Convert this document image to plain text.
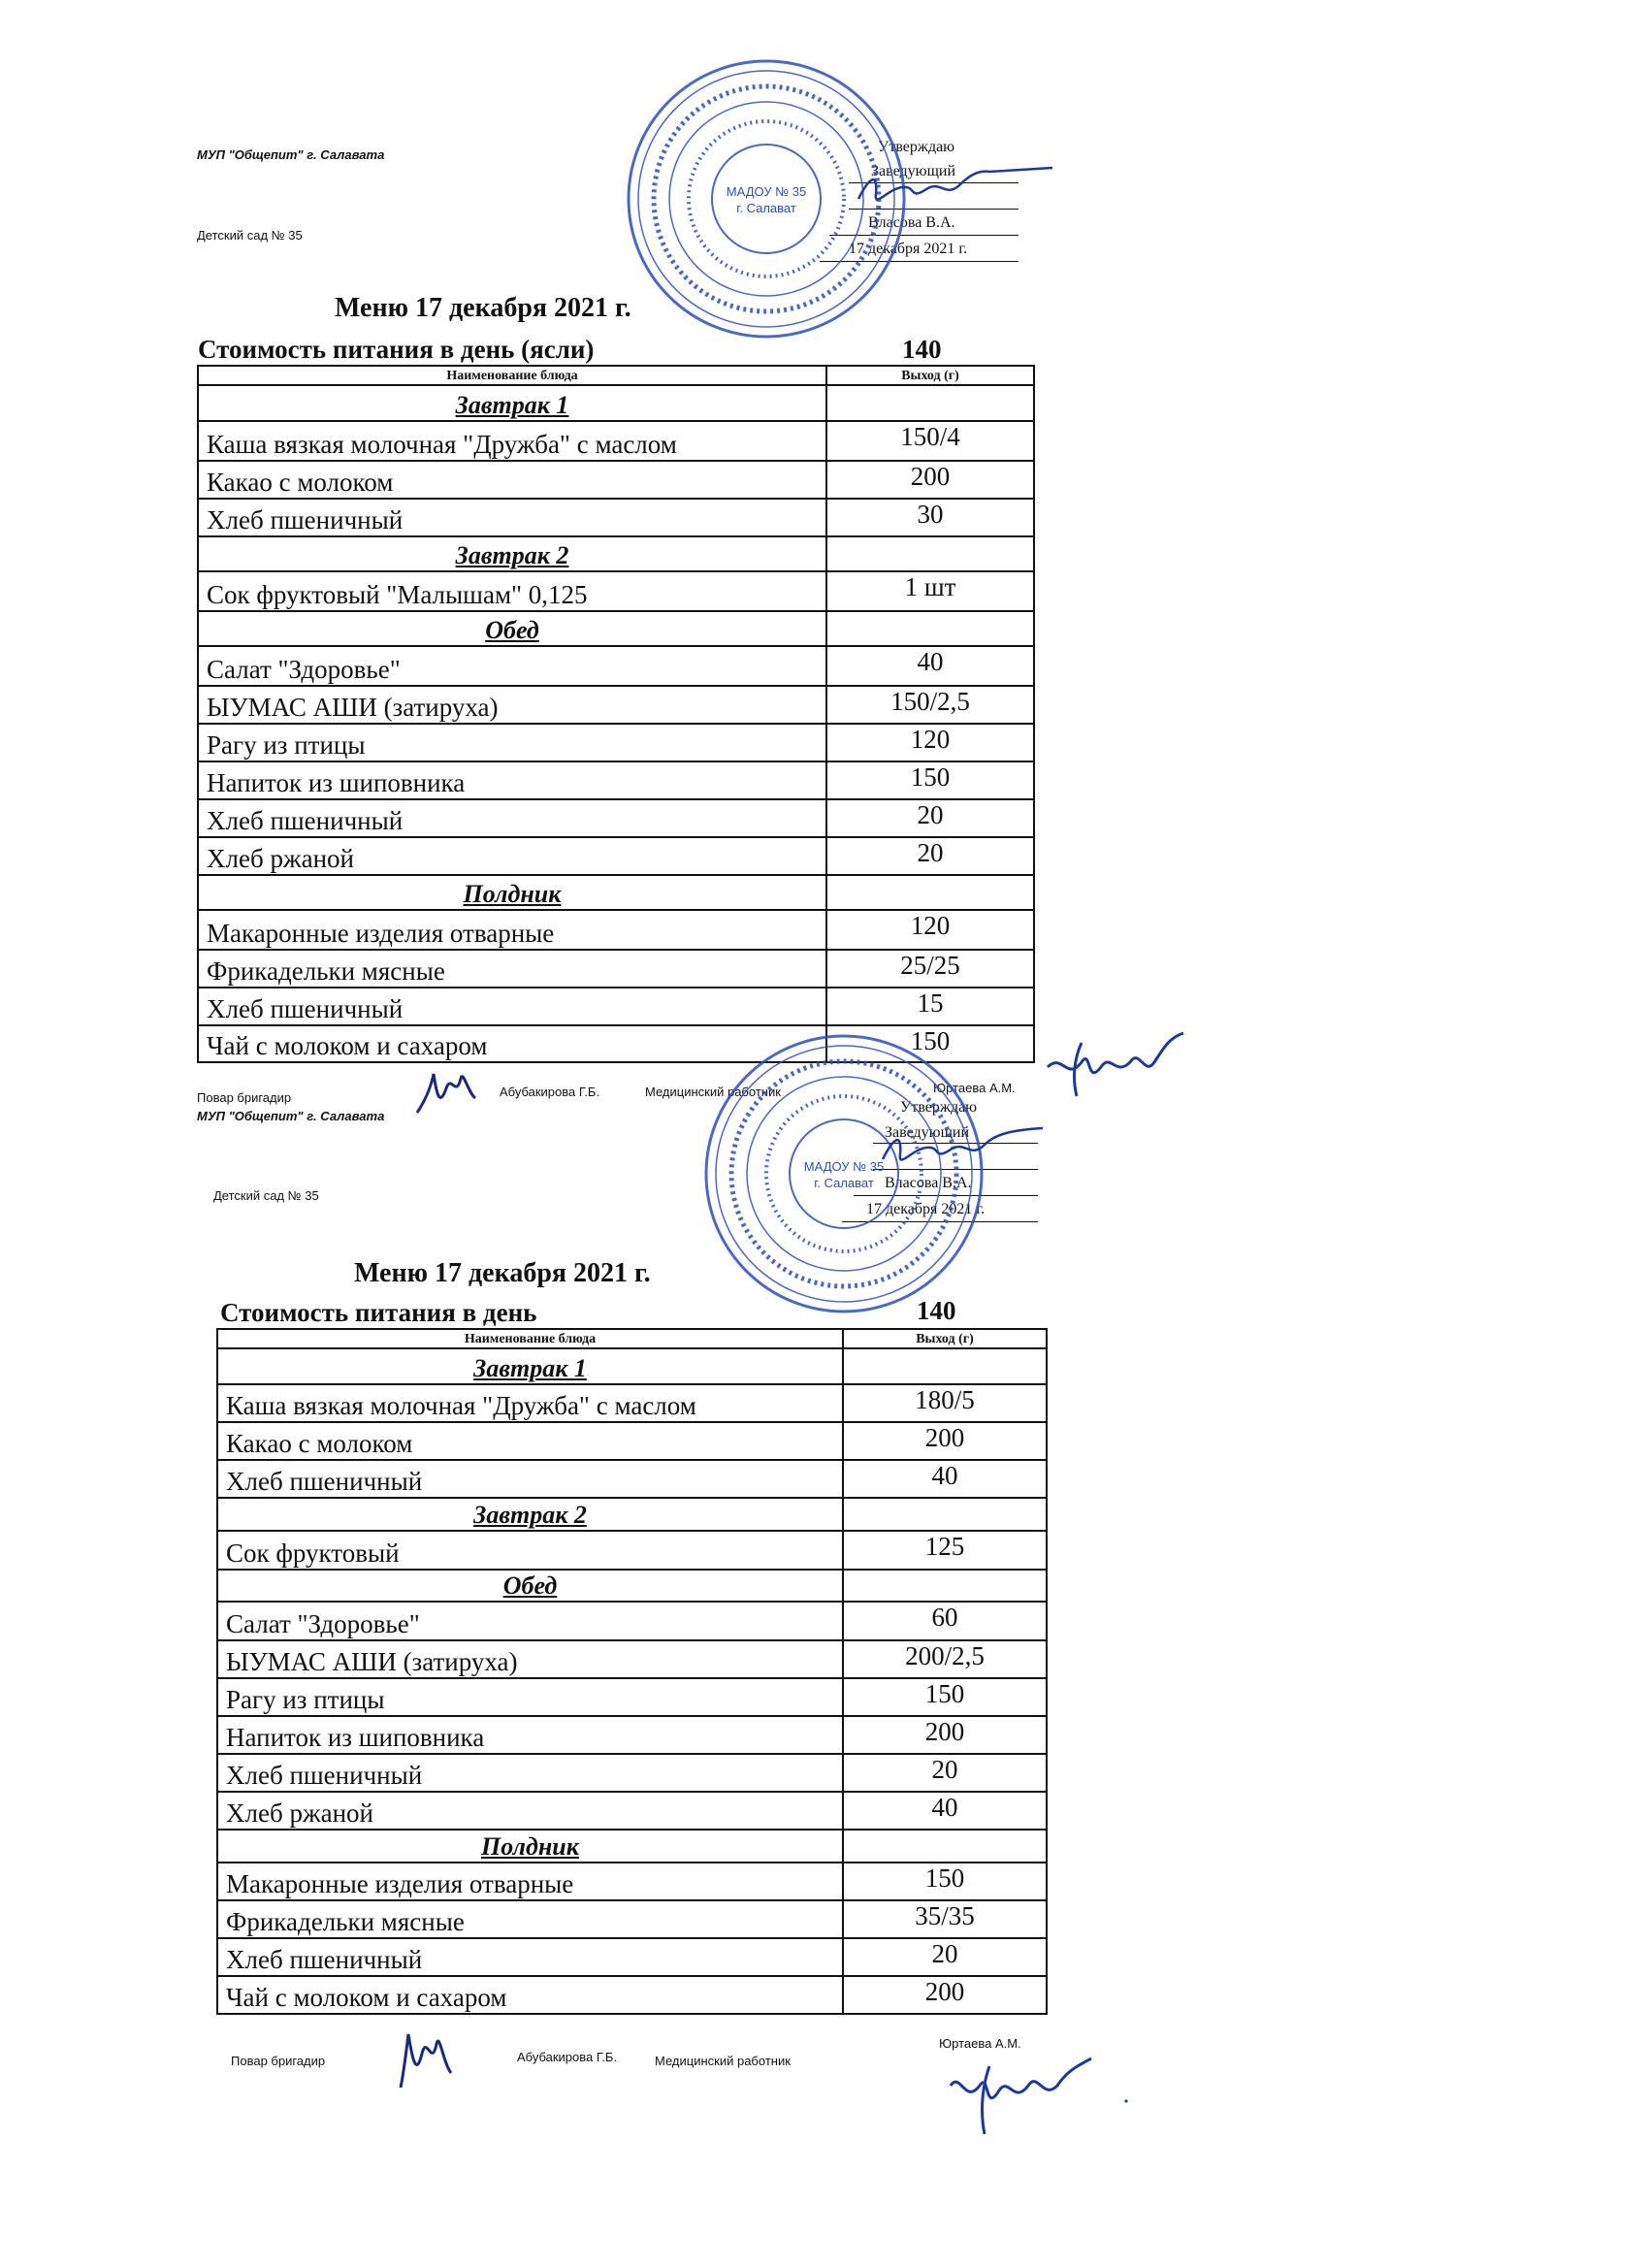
МУП "Общепит" г. Салавата
Детский сад № 35
Утверждаю
Заведующий
Власова В.А.
17 декабря 2021 г.
Меню 17 декабря 2021 г.
Стоимость питания в день (ясли)	140
Наименование блюда	Выход (г)
Завтрак 1	
Каша вязкая молочная "Дружба" с маслом	150/4
Какао с молоком	200
Хлеб пшеничный	30
Завтрак 2	
Сок фруктовый "Малышам" 0,125	1 шт
Обед	
Салат "Здоровье"	40
ЫУМАС АШИ (затируха)	150/2,5
Рагу из птицы	120
Напиток из шиповника	150
Хлеб пшеничный	20
Хлеб ржаной	20
Полдник	
Макаронные изделия отварные	120
Фрикадельки мясные	25/25
Хлеб пшеничный	15
Чай с молоком и сахаром	150
Повар бригадир
МУП "Общепит" г. Салавата
Абубакирова Г.Б.	Медицинский работник	Юртаева А.М.
МАДОУ № 35
г. Салават
Детский сад № 35
Утверждаю
Заведующий
Власова В.А.
17 декабря 2021 г.
Меню 17 декабря 2021 г.
Стоимость питания в день	140
Наименование блюда	Выход (г)
Завтрак 1	
Каша вязкая молочная "Дружба" с маслом	180/5
Какао с молоком	200
Хлеб пшеничный	40
Завтрак 2	
Сок фруктовый	125
Обед	
Салат "Здоровье"	60
ЫУМАС АШИ (затируха)	200/2,5
Рагу из птицы	150
Напиток из шиповника	200
Хлеб пшеничный	20
Хлеб ржаной	40
Полдник	
Макаронные изделия отварные	150
Фрикадельки мясные	35/35
Хлеб пшеничный	20
Чай с молоком и сахаром	200
Повар бригадир	Абубакирова Г.Б.	Медицинский работник
Юртаева А.М.
МАДОУ № 35
г. Салават
